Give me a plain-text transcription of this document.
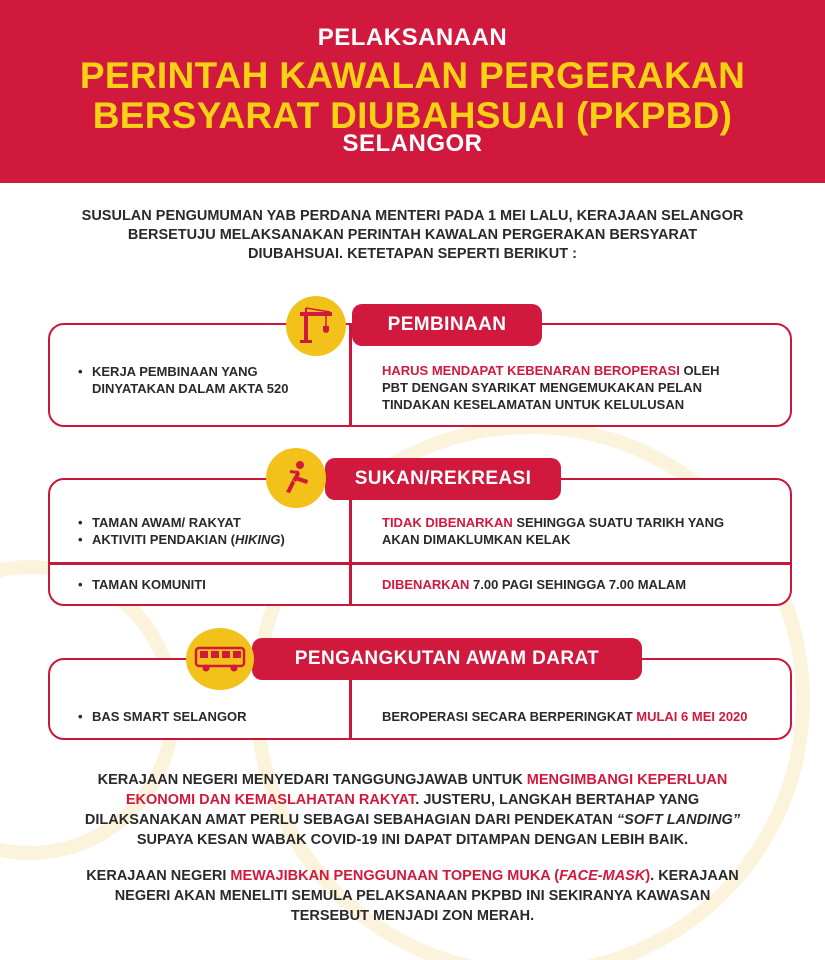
PELAKSANAAN
PERINTAH KAWALAN PERGERAKAN
BERSYARAT DIUBAHSUAI (PKPBD)
SELANGOR
SUSULAN PENGUMUMAN YAB PERDANA MENTERI PADA 1 MEI LALU, KERAJAAN SELANGOR
BERSETUJU MELAKSANAKAN PERINTAH KAWALAN PERGERAKAN BERSYARAT
DIUBAHSUAI. KETETAPAN SEPERTI BERIKUT :
• KERJA PEMBINAAN YANG
DINYATAKAN DALAM AKTA 520
HARUS MENDAPAT KEBENARAN BEROPERASI OLEH
PBT DENGAN SYARIKAT MENGEMUKAKAN PELAN
TINDAKAN KESELAMATAN UNTUK KELULUSAN
PEMBINAAN
• TAMAN AWAM/ RAKYAT
• AKTIVITI PENDAKIAN (HIKING)
TIDAK DIBENARKAN SEHINGGA SUATU TARIKH YANG
AKAN DIMAKLUMKAN KELAK
• TAMAN KOMUNITI	DIBENARKAN 7.00 PAGI SEHINGGA 7.00 MALAM
SUKAN/REKREASI
• BAS SMART SELANGOR	BEROPERASI SECARA BERPERINGKAT MULAI 6 MEI 2020
PENGANGKUTAN AWAM DARAT
KERAJAAN NEGERI MENYEDARI TANGGUNGJAWAB UNTUK MENGIMBANGI KEPERLUAN
EKONOMI DAN KEMASLAHATAN RAKYAT. JUSTERU, LANGKAH BERTAHAP YANG
DILAKSANAKAN AMAT PERLU SEBAGAI SEBAHAGIAN DARI PENDEKATAN “SOFT LANDING”
SUPAYA KESAN WABAK COVID-19 INI DAPAT DITAMPAN DENGAN LEBIH BAIK.
KERAJAAN NEGERI MEWAJIBKAN PENGGUNAAN TOPENG MUKA (FACE-MASK). KERAJAAN
NEGERI AKAN MENELITI SEMULA PELAKSANAAN PKPBD INI SEKIRANYA KAWASAN
TERSEBUT MENJADI ZON MERAH.
